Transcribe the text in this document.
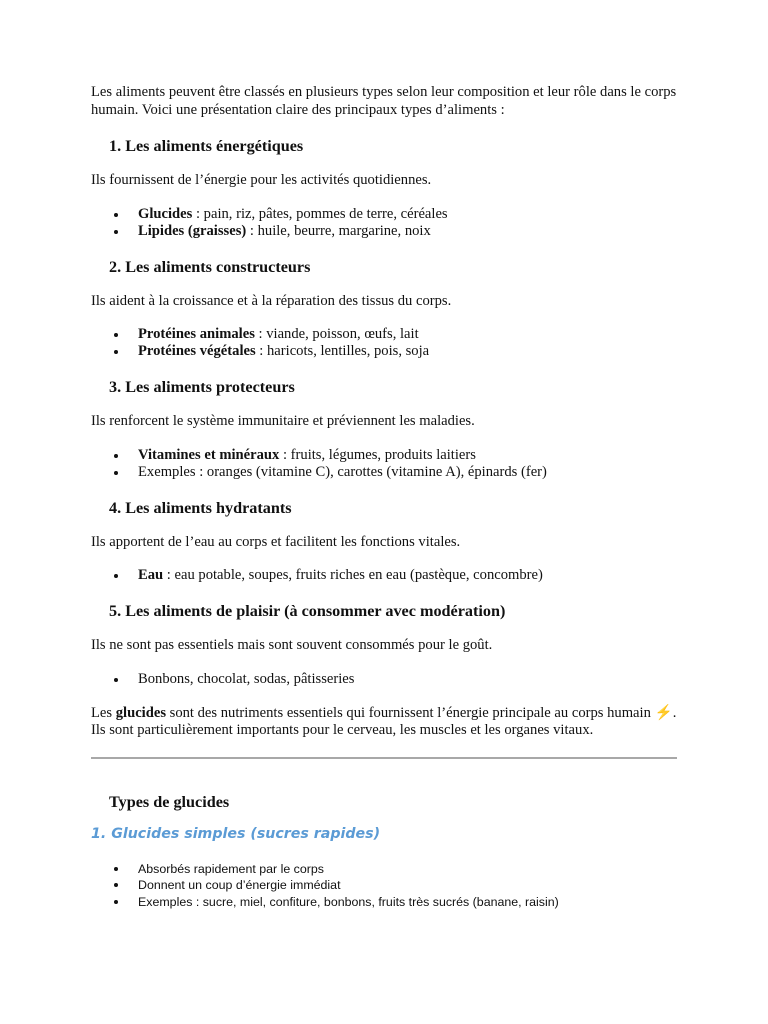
Les aliments peuvent être classés en plusieurs types selon leur composition et leur rôle dans le corps humain. Voici une présentation claire des principaux types d’aliments :

1. Les aliments énergétiques

Ils fournissent de l’énergie pour les activités quotidiennes.

Glucides : pain, riz, pâtes, pommes de terre, céréales
Lipides (graisses) : huile, beurre, margarine, noix
2. Les aliments constructeurs

Ils aident à la croissance et à la réparation des tissus du corps.

Protéines animales : viande, poisson, œufs, lait
Protéines végétales : haricots, lentilles, pois, soja
3. Les aliments protecteurs

Ils renforcent le système immunitaire et préviennent les maladies.

Vitamines et minéraux : fruits, légumes, produits laitiers
Exemples : oranges (vitamine C), carottes (vitamine A), épinards (fer)
4. Les aliments hydratants

Ils apportent de l’eau au corps et facilitent les fonctions vitales.

Eau : eau potable, soupes, fruits riches en eau (pastèque, concombre)
5. Les aliments de plaisir (à consommer avec modération)

Ils ne sont pas essentiels mais sont souvent consommés pour le goût.

Bonbons, chocolat, sodas, pâtisseries

Les glucides sont des nutriments essentiels qui fournissent l’énergie principale au corps humain ⚡. Ils sont particulièrement importants pour le cerveau, les muscles et les organes vitaux.

Types de glucides
1. Glucides simples (sucres rapides)
Absorbés rapidement par le corps
Donnent un coup d’énergie immédiat
Exemples : sucre, miel, confiture, bonbons, fruits très sucrés (banane, raisin)
